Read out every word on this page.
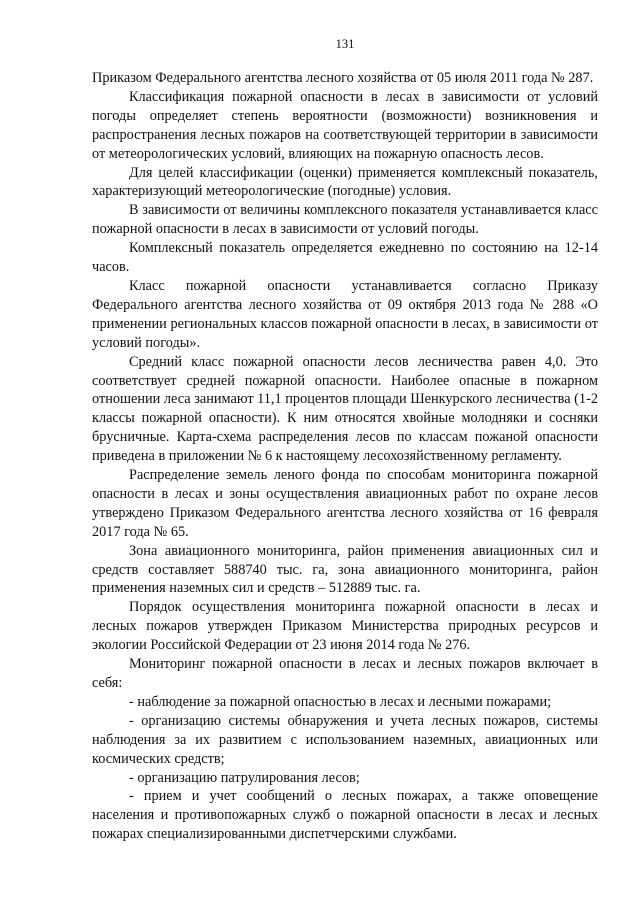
131

Приказом Федерального агентства лесного хозяйства от 05 июля 2011 года № 287.

Классификация пожарной опасности в лесах в зависимости от условий погоды определяет степень вероятности (возможности) возникновения и распространения лесных пожаров на соответствующей территории в зависимости от метеорологических условий, влияющих на пожарную опасность лесов.

Для целей классификации (оценки) применяется комплексный показатель, характеризующий метеорологические (погодные) условия.

В зависимости от величины комплексного показателя устанавливается класс пожарной опасности в лесах в зависимости от условий погоды.

Комплексный показатель определяется ежедневно по состоянию на 12-14 часов.

Класс пожарной опасности устанавливается согласно Приказу Федерального агентства лесного хозяйства от 09 октября 2013 года № 288 «О применении региональных классов пожарной опасности в лесах, в зависимости от условий погоды».

Средний класс пожарной опасности лесов лесничества равен 4,0. Это соответствует средней пожарной опасности. Наиболее опасные в пожарном отношении леса занимают 11,1 процентов площади Шенкурского лесничества (1-2 классы пожарной опасности). К ним относятся хвойные молодняки и сосняки брусничные. Карта-схема распределения лесов по классам пожаной опасности приведена в приложении № 6 к настоящему лесохозяйственному регламенту.

Распределение земель леного фонда по способам мониторинга пожарной опасности в лесах и зоны осуществления авиационных работ по охране лесов утверждено Приказом Федерального агентства лесного хозяйства от 16 февраля 2017 года № 65.

Зона авиационного мониторинга, район применения авиационных сил и средств составляет 588740 тыс. га, зона авиационного мониторинга, район применения наземных сил и средств – 512889 тыс. га.

Порядок осуществления мониторинга пожарной опасности в лесах и лесных пожаров утвержден Приказом Министерства природных ресурсов и экологии Российской Федерации от 23 июня 2014 года № 276.

Мониторинг пожарной опасности в лесах и лесных пожаров включает в себя:

- наблюдение за пожарной опасностью в лесах и лесными пожарами;

- организацию системы обнаружения и учета лесных пожаров, системы наблюдения за их развитием с использованием наземных, авиационных или космических средств;

- организацию патрулирования лесов;

- прием и учет сообщений о лесных пожарах, а также оповещение населения и противопожарных служб о пожарной опасности в лесах и лесных пожарах специализированными диспетчерскими службами.
